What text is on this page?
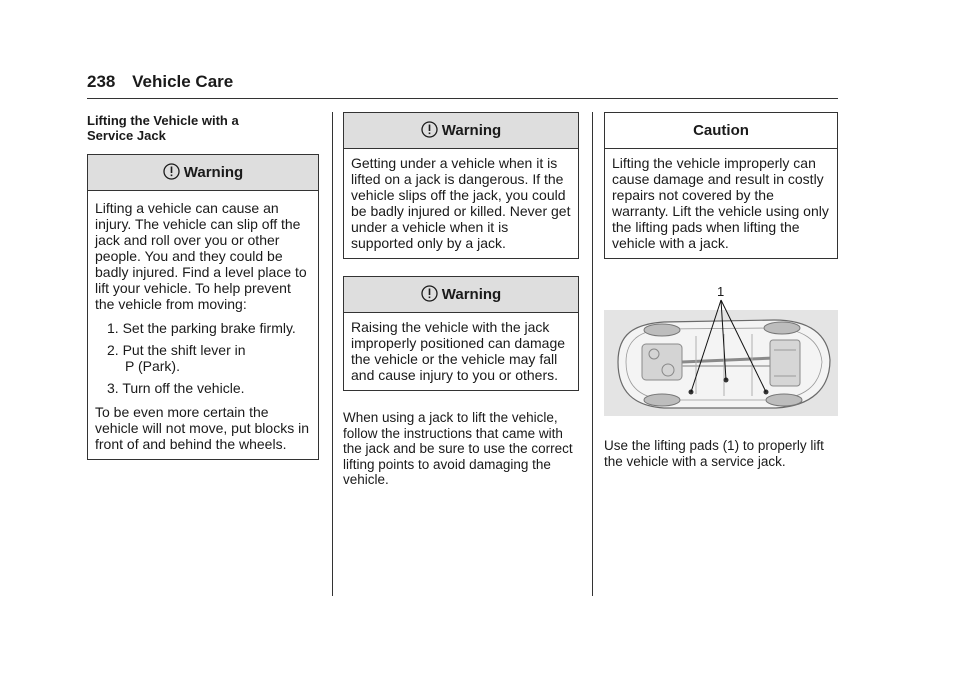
238 Vehicle Care
Lifting the Vehicle with a Service Jack
Warning

Lifting a vehicle can cause an injury. The vehicle can slip off the jack and roll over you or other people. You and they could be badly injured. Find a level place to lift your vehicle. To help prevent the vehicle from moving:

1. Set the parking brake firmly.
2. Put the shift lever in
P (Park).
3. Turn off the vehicle.

To be even more certain the vehicle will not move, put blocks in front of and behind the wheels.

Warning

Getting under a vehicle when it is lifted on a jack is dangerous. If the vehicle slips off the jack, you could be badly injured or killed. Never get under a vehicle when it is supported only by a jack.

Warning

Raising the vehicle with the jack improperly positioned can damage the vehicle or the vehicle may fall and cause injury to you or others.

When using a jack to lift the vehicle, follow the instructions that came with the jack and be sure to use the correct lifting points to avoid damaging the vehicle.

Caution

Lifting the vehicle improperly can cause damage and result in costly repairs not covered by the warranty. Lift the vehicle using only the lifting pads when lifting the vehicle with a jack.

1

Use the lifting pads (1) to properly lift the vehicle with a service jack.
